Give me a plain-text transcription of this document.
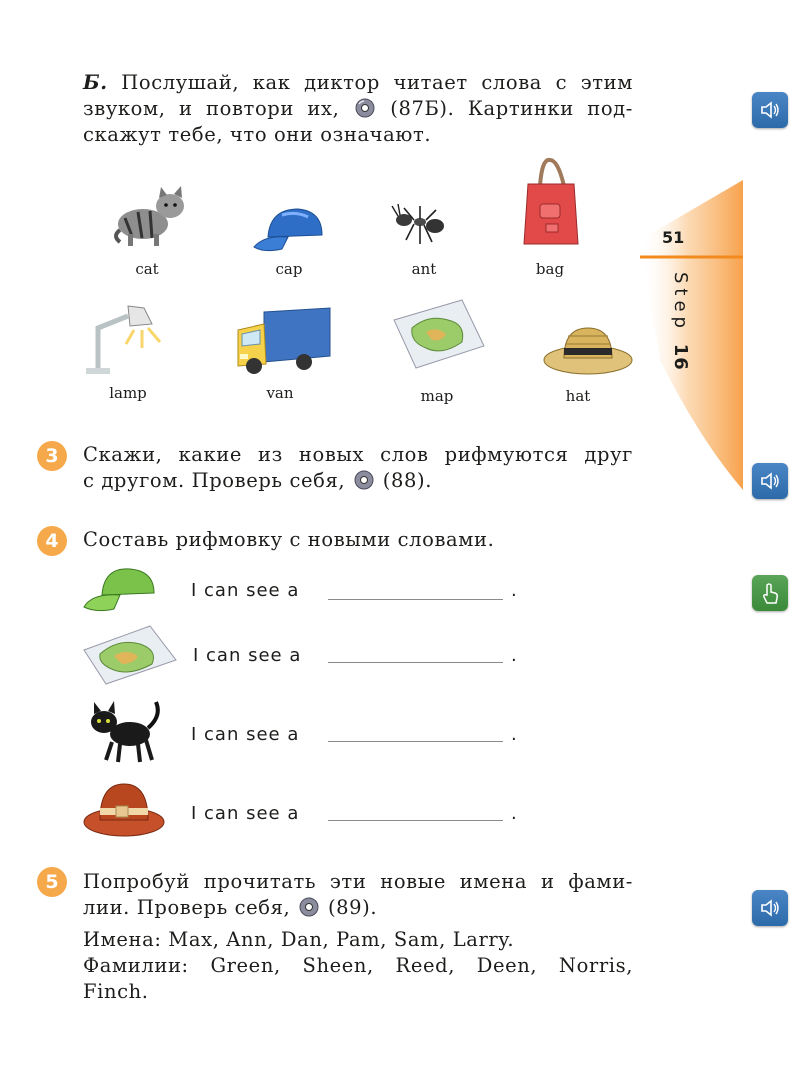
51
Step 16
Б. Послушай, как диктор читает слова с этим
звуком, и повтори их,	(87Б). Картинки под-
скажут тебе, что они означают.
cat	cap	ant	bag
lamp	van	map	hat
3 Скажи, какие из новых слов рифмуются друг
с другом. Проверь себя, (88).
4 Составь рифмовку с новыми словами.
I can see a	.
I can see a	.
I can see a	.
I can see a	.
5 Попробуй прочитать эти новые имена и фами-
лии. Проверь себя, (89).
Имена: Max, Ann, Dan, Pam, Sam, Larry.
Фамилии: Green, Sheen, Reed, Deen, Norris,
Finch.
